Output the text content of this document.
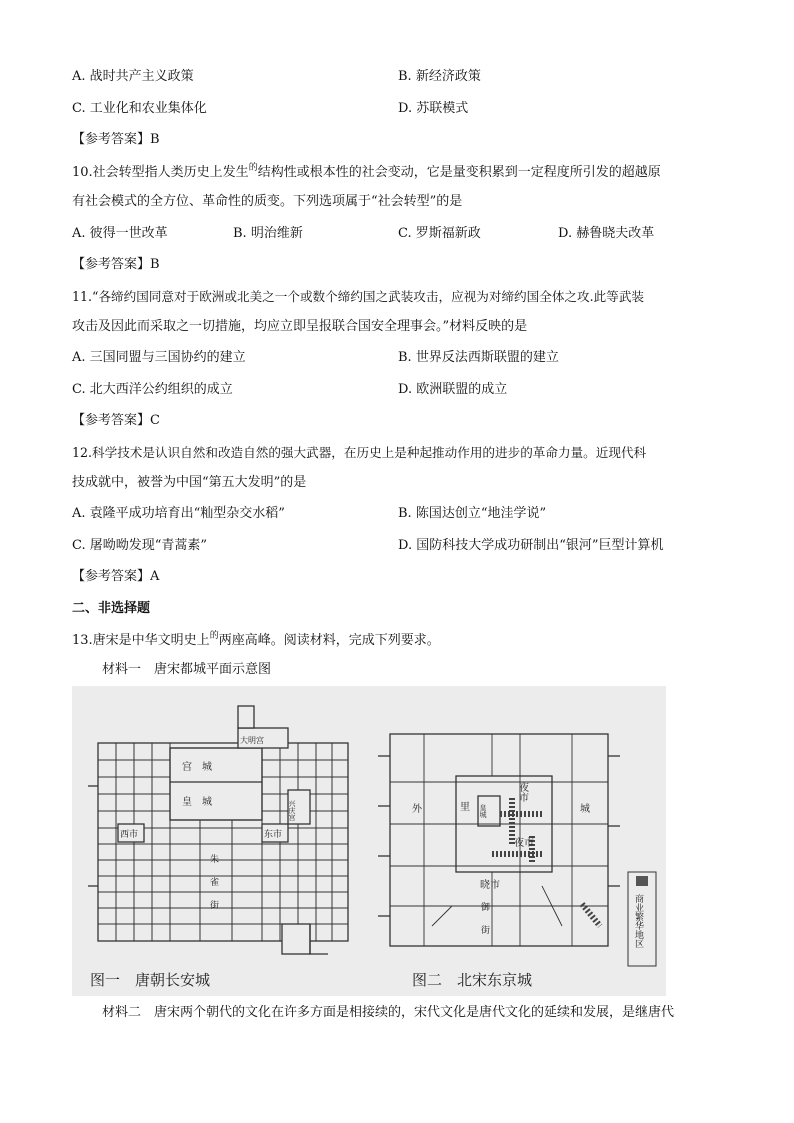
A. 战时共产主义政策	B. 新经济政策
C. 工业化和农业集体化	D. 苏联模式
【参考答案】B
10.社会转型指人类历史上发生$^的$结构性或根本性的社会变动，它是量变积累到一定程度所引发的超越原
有社会模式的全方位、革命性的质变。下列选项属于“社会转型”的是
A. 彼得一世改革	B. 明治维新	C. 罗斯福新政	D. 赫鲁晓夫改革
【参考答案】B
11.“各缔约国同意对于欧洲或北美之一个或数个缔约国之武装攻击，应视为对缔约国全体之攻.此等武装
攻击及因此而采取之一切措施，均应立即呈报联合国安全理事会。”材料反映的是
A. 三国同盟与三国协约的建立	B. 世界反法西斯联盟的建立
C. 北大西洋公约组织的成立	D. 欧洲联盟的成立
【参考答案】C
12.科学技术是认识自然和改造自然的强大武器，在历史上是种起推动作用的进步的革命力量。近现代科
技成就中，被誉为中国“第五大发明”的是
A. 袁隆平成功培育出“籼型杂交水稻”	B. 陈国达创立“地洼学说”
C. 屠呦呦发现“青蒿素”	D. 国防科技大学成功研制出“银河”巨型计算机
【参考答案】A
二、非选择题
13.唐宋是中华文明史上$^的$两座高峰。阅读材料，完成下列要求。
材料一　唐宋都城平面示意图
宫　城
皇　城
大明宫
兴庆宫
西市	东市
朱雀街
图一　唐朝长安城
外	里	城
皇城
夜市
夜市
晓市
御街	商业繁华地区
图二　北宋东京城
材料二　唐宋两个朝代的文化在许多方面是相接续的，宋代文化是唐代文化的延续和发展，是继唐代
